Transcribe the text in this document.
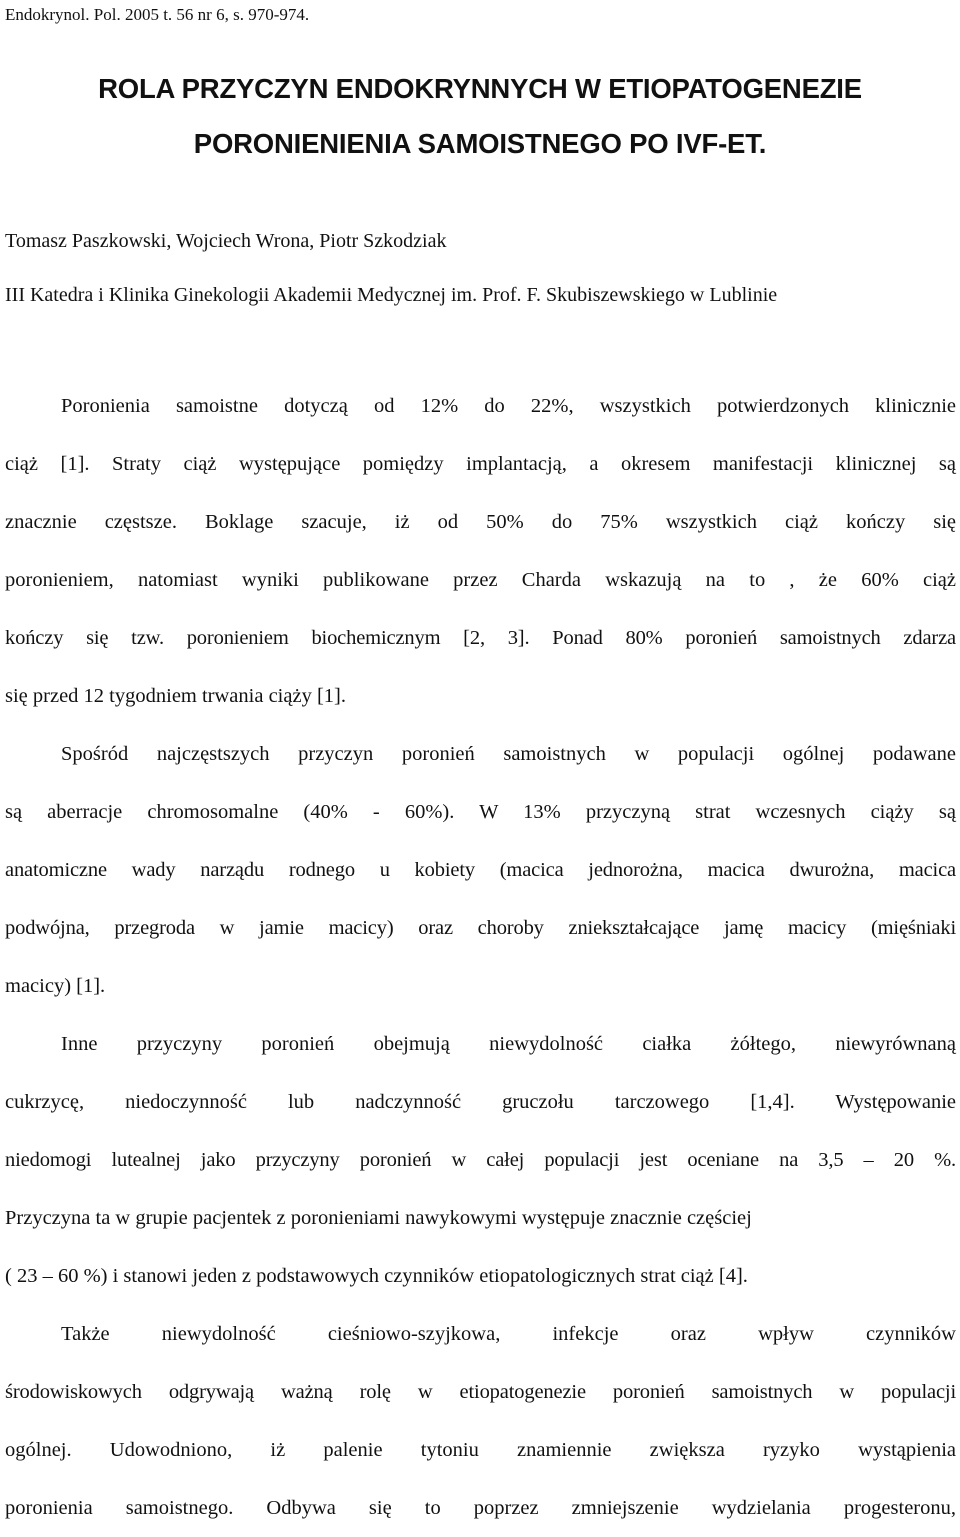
Endokrynol. Pol. 2005 t. 56 nr 6, s. 970-974.
ROLA PRZYCZYN ENDOKRYNNYCH W ETIOPATOGENEZIE
PORONIENIENIA SAMOISTNEGO PO IVF-ET.
Tomasz Paszkowski, Wojciech Wrona, Piotr Szkodziak
III Katedra i Klinika Ginekologii Akademii Medycznej im. Prof. F. Skubiszewskiego w Lublinie
Poronienia samoistne dotyczą od 12% do 22%, wszystkich potwierdzonych klinicznie
ciąż [1]. Straty ciąż występujące pomiędzy implantacją, a okresem manifestacji klinicznej są
znacznie częstsze. Boklage szacuje, iż od 50% do 75% wszystkich ciąż kończy się
poronieniem, natomiast wyniki publikowane przez Charda wskazują na to , że 60% ciąż
kończy się tzw. poronieniem biochemicznym [2, 3]. Ponad 80% poronień samoistnych zdarza
się przed 12 tygodniem trwania ciąży [1].
Spośród najczęstszych przyczyn poronień samoistnych w populacji ogólnej podawane
są aberracje chromosomalne (40% - 60%). W 13% przyczyną strat wczesnych ciąży są
anatomiczne wady narządu rodnego u kobiety (macica jednorożna, macica dwurożna, macica
podwójna, przegroda w jamie macicy) oraz choroby zniekształcające jamę macicy (mięśniaki
macicy) [1].
Inne przyczyny poronień obejmują niewydolność ciałka żółtego, niewyrównaną
cukrzycę, niedoczynność lub nadczynność gruczołu tarczowego [1,4]. Występowanie
niedomogi lutealnej jako przyczyny poronień w całej populacji jest oceniane na 3,5 – 20 %.
Przyczyna ta w grupie pacjentek z poronieniami nawykowymi występuje znacznie częściej
( 23 – 60 %) i stanowi jeden z podstawowych czynników etiopatologicznych strat ciąż [4].
Także niewydolność cieśniowo-szyjkowa, infekcje oraz wpływ czynników
środowiskowych odgrywają ważną rolę w etiopatogenezie poronień samoistnych w populacji
ogólnej. Udowodniono, iż palenie tytoniu znamiennie zwiększa ryzyko wystąpienia
poronienia samoistnego. Odbywa się to poprzez zmniejszenie wydzielania progesteronu,
